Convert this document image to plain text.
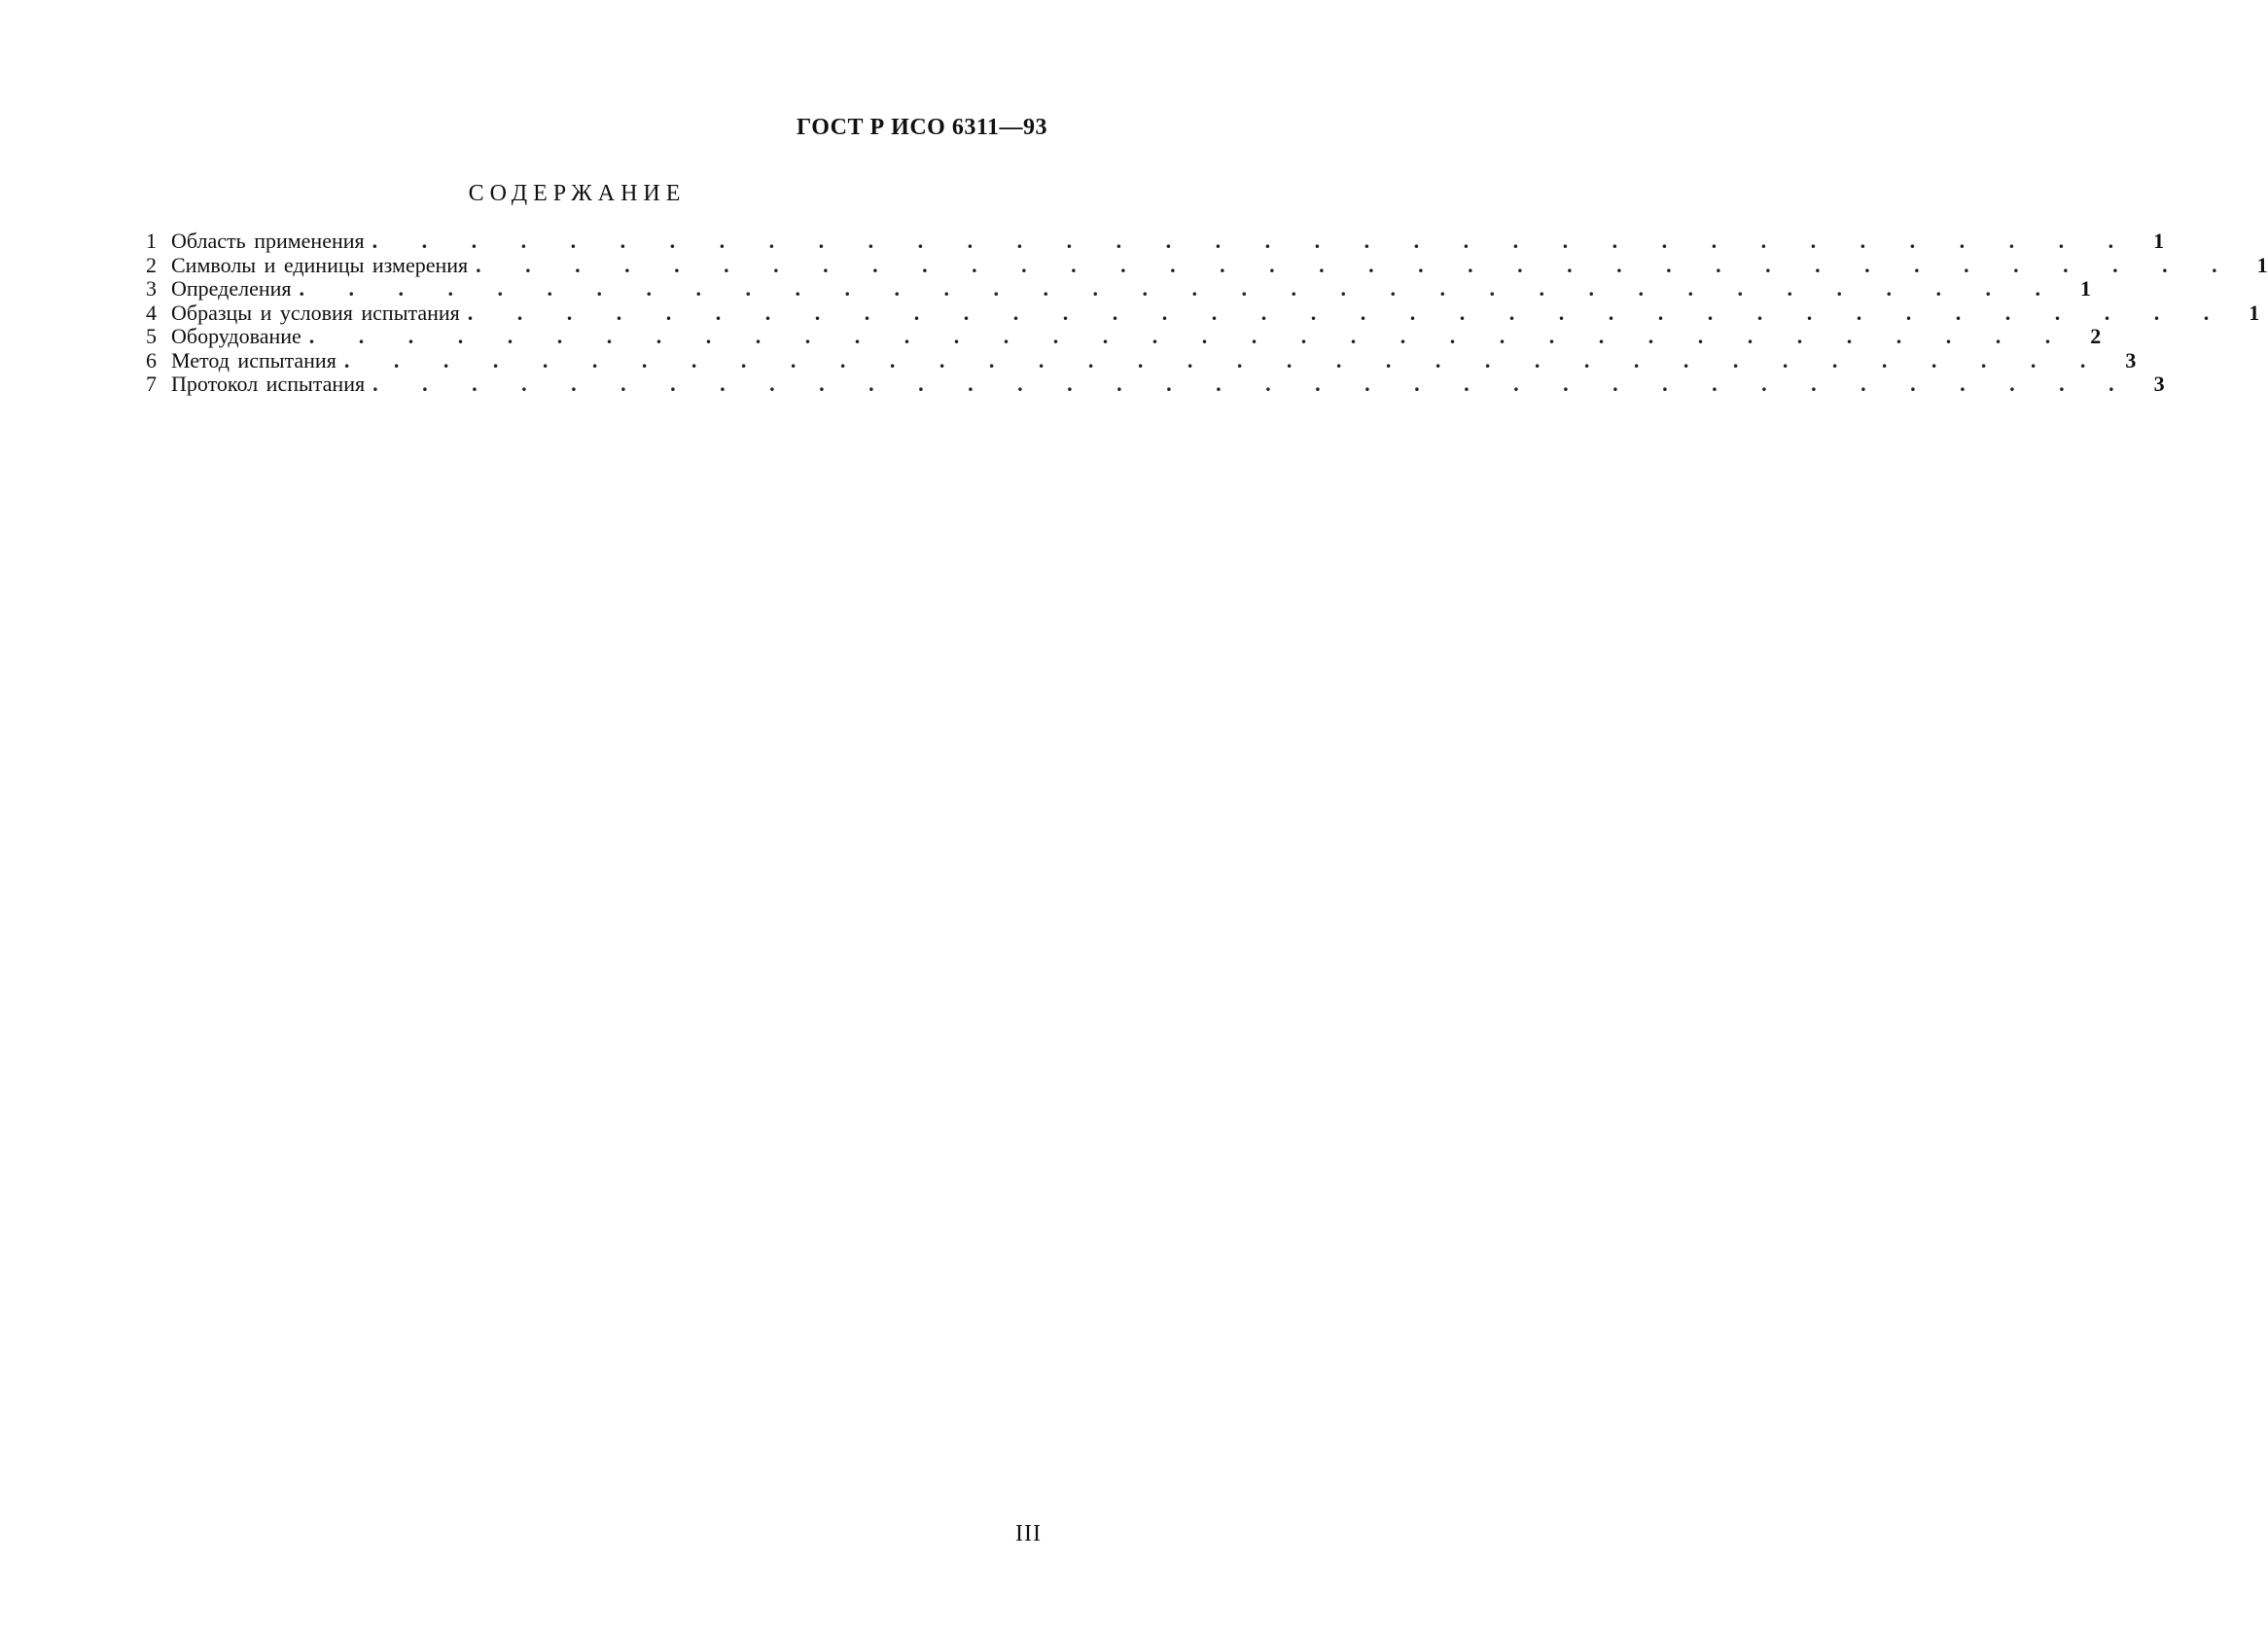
ГОСТ Р ИСО 6311—93
СОДЕРЖАНИЕ
1 Область применения . . . . . . . . . . . . . . . . . . . . . . . . . . . . . . . . . . . . 1
2 Символы и единицы измерения . . . . . . . . . . . . . . . . . . . . . . . . . . . . . . . . . . . . 1
3 Определения . . . . . . . . . . . . . . . . . . . . . . . . . . . . . . . . . . . . 1
4 Образцы и условия испытания . . . . . . . . . . . . . . . . . . . . . . . . . . . . . . . . . . . . 1
5 Оборудование . . . . . . . . . . . . . . . . . . . . . . . . . . . . . . . . . . . . 2
6 Метод испытания . . . . . . . . . . . . . . . . . . . . . . . . . . . . . . . . . . . . 3
7 Протокол испытания . . . . . . . . . . . . . . . . . . . . . . . . . . . . . . . . . . . . 3
III
